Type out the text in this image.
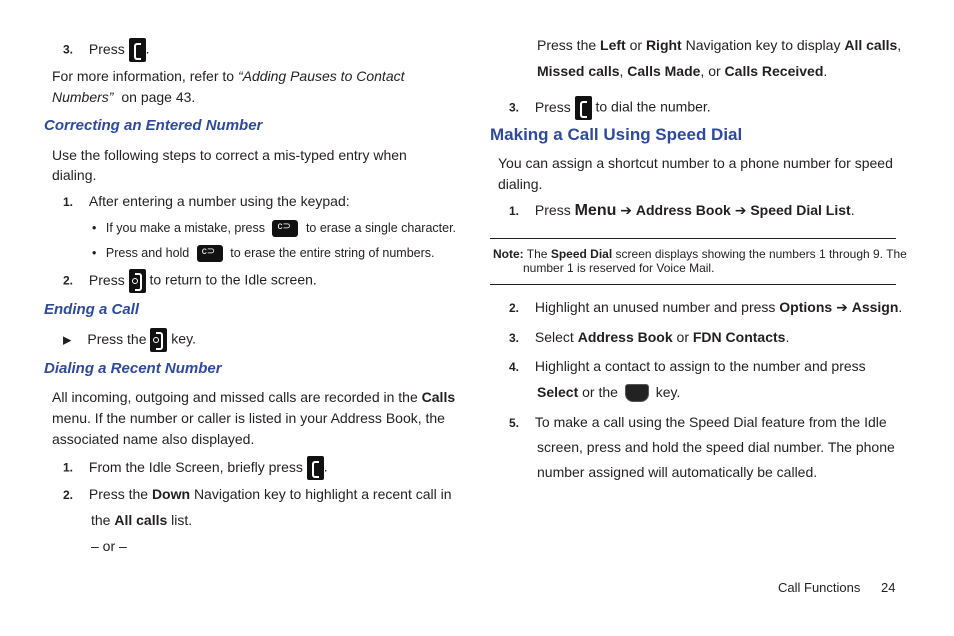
3. Press .
For more information, refer to “Adding Pauses to Contact
Numbers” on page 43.
Correcting an Entered Number
Use the following steps to correct a mis-typed entry when
dialing.
1. After entering a number using the keypad:
• If you make a mistake, press c⊃	to erase a single character.
• Press and hold c⊃	to erase the entire string of numbers.
2. Press to return to the Idle screen.
Ending a Call
▶ Press the key.
Dialing a Recent Number
All incoming, outgoing and missed calls are recorded in the Calls
menu. If the number or caller is listed in your Address Book, the
associated name also displayed.
1. From the Idle Screen, briefly press .
2. Press the Down Navigation key to highlight a recent call in
the All calls list.
– or –
Press the Left or Right Navigation key to display All calls,
Missed calls, Calls Made, or Calls Received.
3. Press to dial the number.
Making a Call Using Speed Dial
You can assign a shortcut number to a phone number for speed
dialing.
1. Press Menu ➔ Address Book ➔ Speed Dial List.
Note: The Speed Dial screen displays showing the numbers 1 through 9. The
number 1 is reserved for Voice Mail.
2. Highlight an unused number and press Options ➔ Assign.
3. Select Address Book or FDN Contacts.
4. Highlight a contact to assign to the number and press
Select or the	key.
5. To make a call using the Speed Dial feature from the Idle
screen, press and hold the speed dial number. The phone
number assigned will automatically be called.
Call Functions 24
